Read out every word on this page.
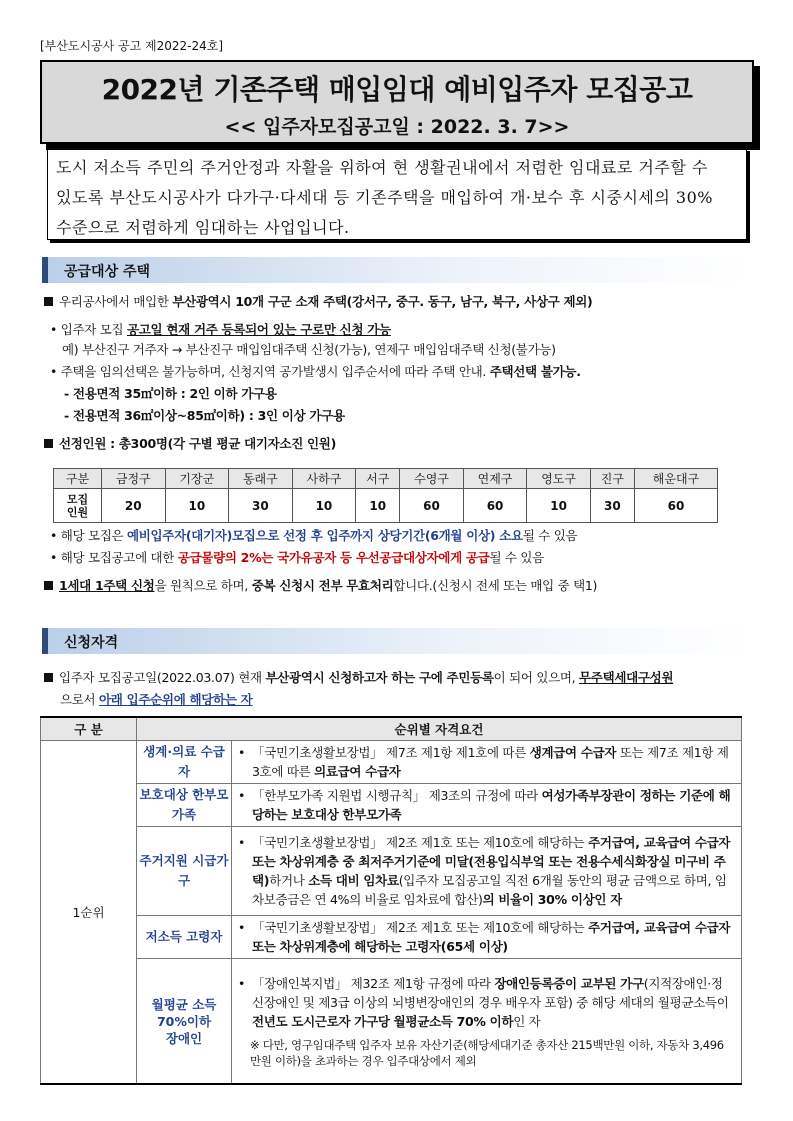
[부산도시공사 공고 제2022-24호]
2022년 기존주택 매입임대 예비입주자 모집공고
<< 입주자모집공고일 : 2022. 3. 7>>
도시 저소득 주민의 주거안정과 자활을 위하여 현 생활권내에서 저렴한 임대료로 거주할 수 있도록 부산도시공사가 다가구·다세대 등 기존주택을 매입하여 개·보수 후 시중시세의 30% 수준으로 저렴하게 임대하는 사업입니다.
공급대상 주택
우리공사에서 매입한 부산광역시 10개 구군 소재 주택(강서구, 중구. 동구, 남구, 북구, 사상구 제외)
• 입주자 모집 공고일 현재 거주 등록되어 있는 구로만 신청 가능
예) 부산진구 거주자 → 부산진구 매입임대주택 신청(가능), 연제구 매입임대주택 신청(불가능)
• 주택을 임의선택은 불가능하며, 신청지역 공가발생시 입주순서에 따라 주택 안내. 주택선택 불가능.
- 전용면적 35㎡이하 : 2인 이하 가구용
- 전용면적 36㎡이상~85㎡이하) : 3인 이상 가구용
선정인원 : 총300명(각 구별 평균 대기자소진 인원)
구분	금정구	기장군	동래구	사하구	서구	수영구	연제구	영도구	진구	해운대구
모집 인원	20	10	30	10	10	60	60	10	30	60
• 해당 모집은 예비입주자(대기자)모집으로 선정 후 입주까지 상당기간(6개월 이상) 소요될 수 있음
• 해당 모집공고에 대한 공급물량의 2%는 국가유공자 등 우선공급대상자에게 공급될 수 있음
1세대 1주택 신청을 원칙으로 하며, 중복 신청시 전부 무효처리합니다.(신청시 전세 또는 매입 중 택1)
신청자격
입주자 모집공고일(2022.03.07) 현재 부산광역시 신청하고자 하는 구에 주민등록이 되어 있으며, 무주택세대구성원
으로서 아래 입주순위에 해당하는 자
구 분	순위별 자격요건	
1순위	생계·의료 수급자	• 「국민기초생활보장법」 제7조 제1항 제1호에 따른 생계급여 수급자 또는 제7조 제1항 제3호에 따른 의료급여 수급자

	보호대상 한부모가족	• 「한부모가족 지원법 시행규칙」 제3조의 규정에 따라 여성가족부장관이 정하는 기준에 해당하는 보호대상 한부모가족

	주거지원 시급가구	• 「국민기초생활보장법」 제2조 제1호 또는 제10호에 해당하는 주거급여, 교육급여 수급자 또는 차상위계층 중 최저주거기준에 미달(전용입식부엌 또는 전용수세식화장실 미구비 주택)하거나 소득 대비 임차료(입주자 모집공고일 직전 6개월 동안의 평균 금액으로 하며, 임차보증금은 연 4%의 비율로 임차료에 합산)의 비율이 30% 이상인 자

	저소득 고령자	• 「국민기초생활보장법」 제2조 제1호 또는 제10호에 해당하는 주거급여, 교육급여 수급자 또는 차상위계층에 해당하는 고령자(65세 이상)

	월평균 소득 70%이하 장애인	• 「장애인복지법」 제32조 제1항 규정에 따라 장애인등록증이 교부된 가구(지적장애인·정신장애인 및 제3급 이상의 뇌병변장애인의 경우 배우자 포함) 중 해당 세대의 월평균소득이 전년도 도시근로자 가구당 월평균소득 70% 이하인 자
※ 다만, 영구임대주택 입주자 보유 자산기준(해당세대기준 총자산 215백만원 이하, 자동차 3,496만원 이하)을 초과하는 경우 입주대상에서 제외
